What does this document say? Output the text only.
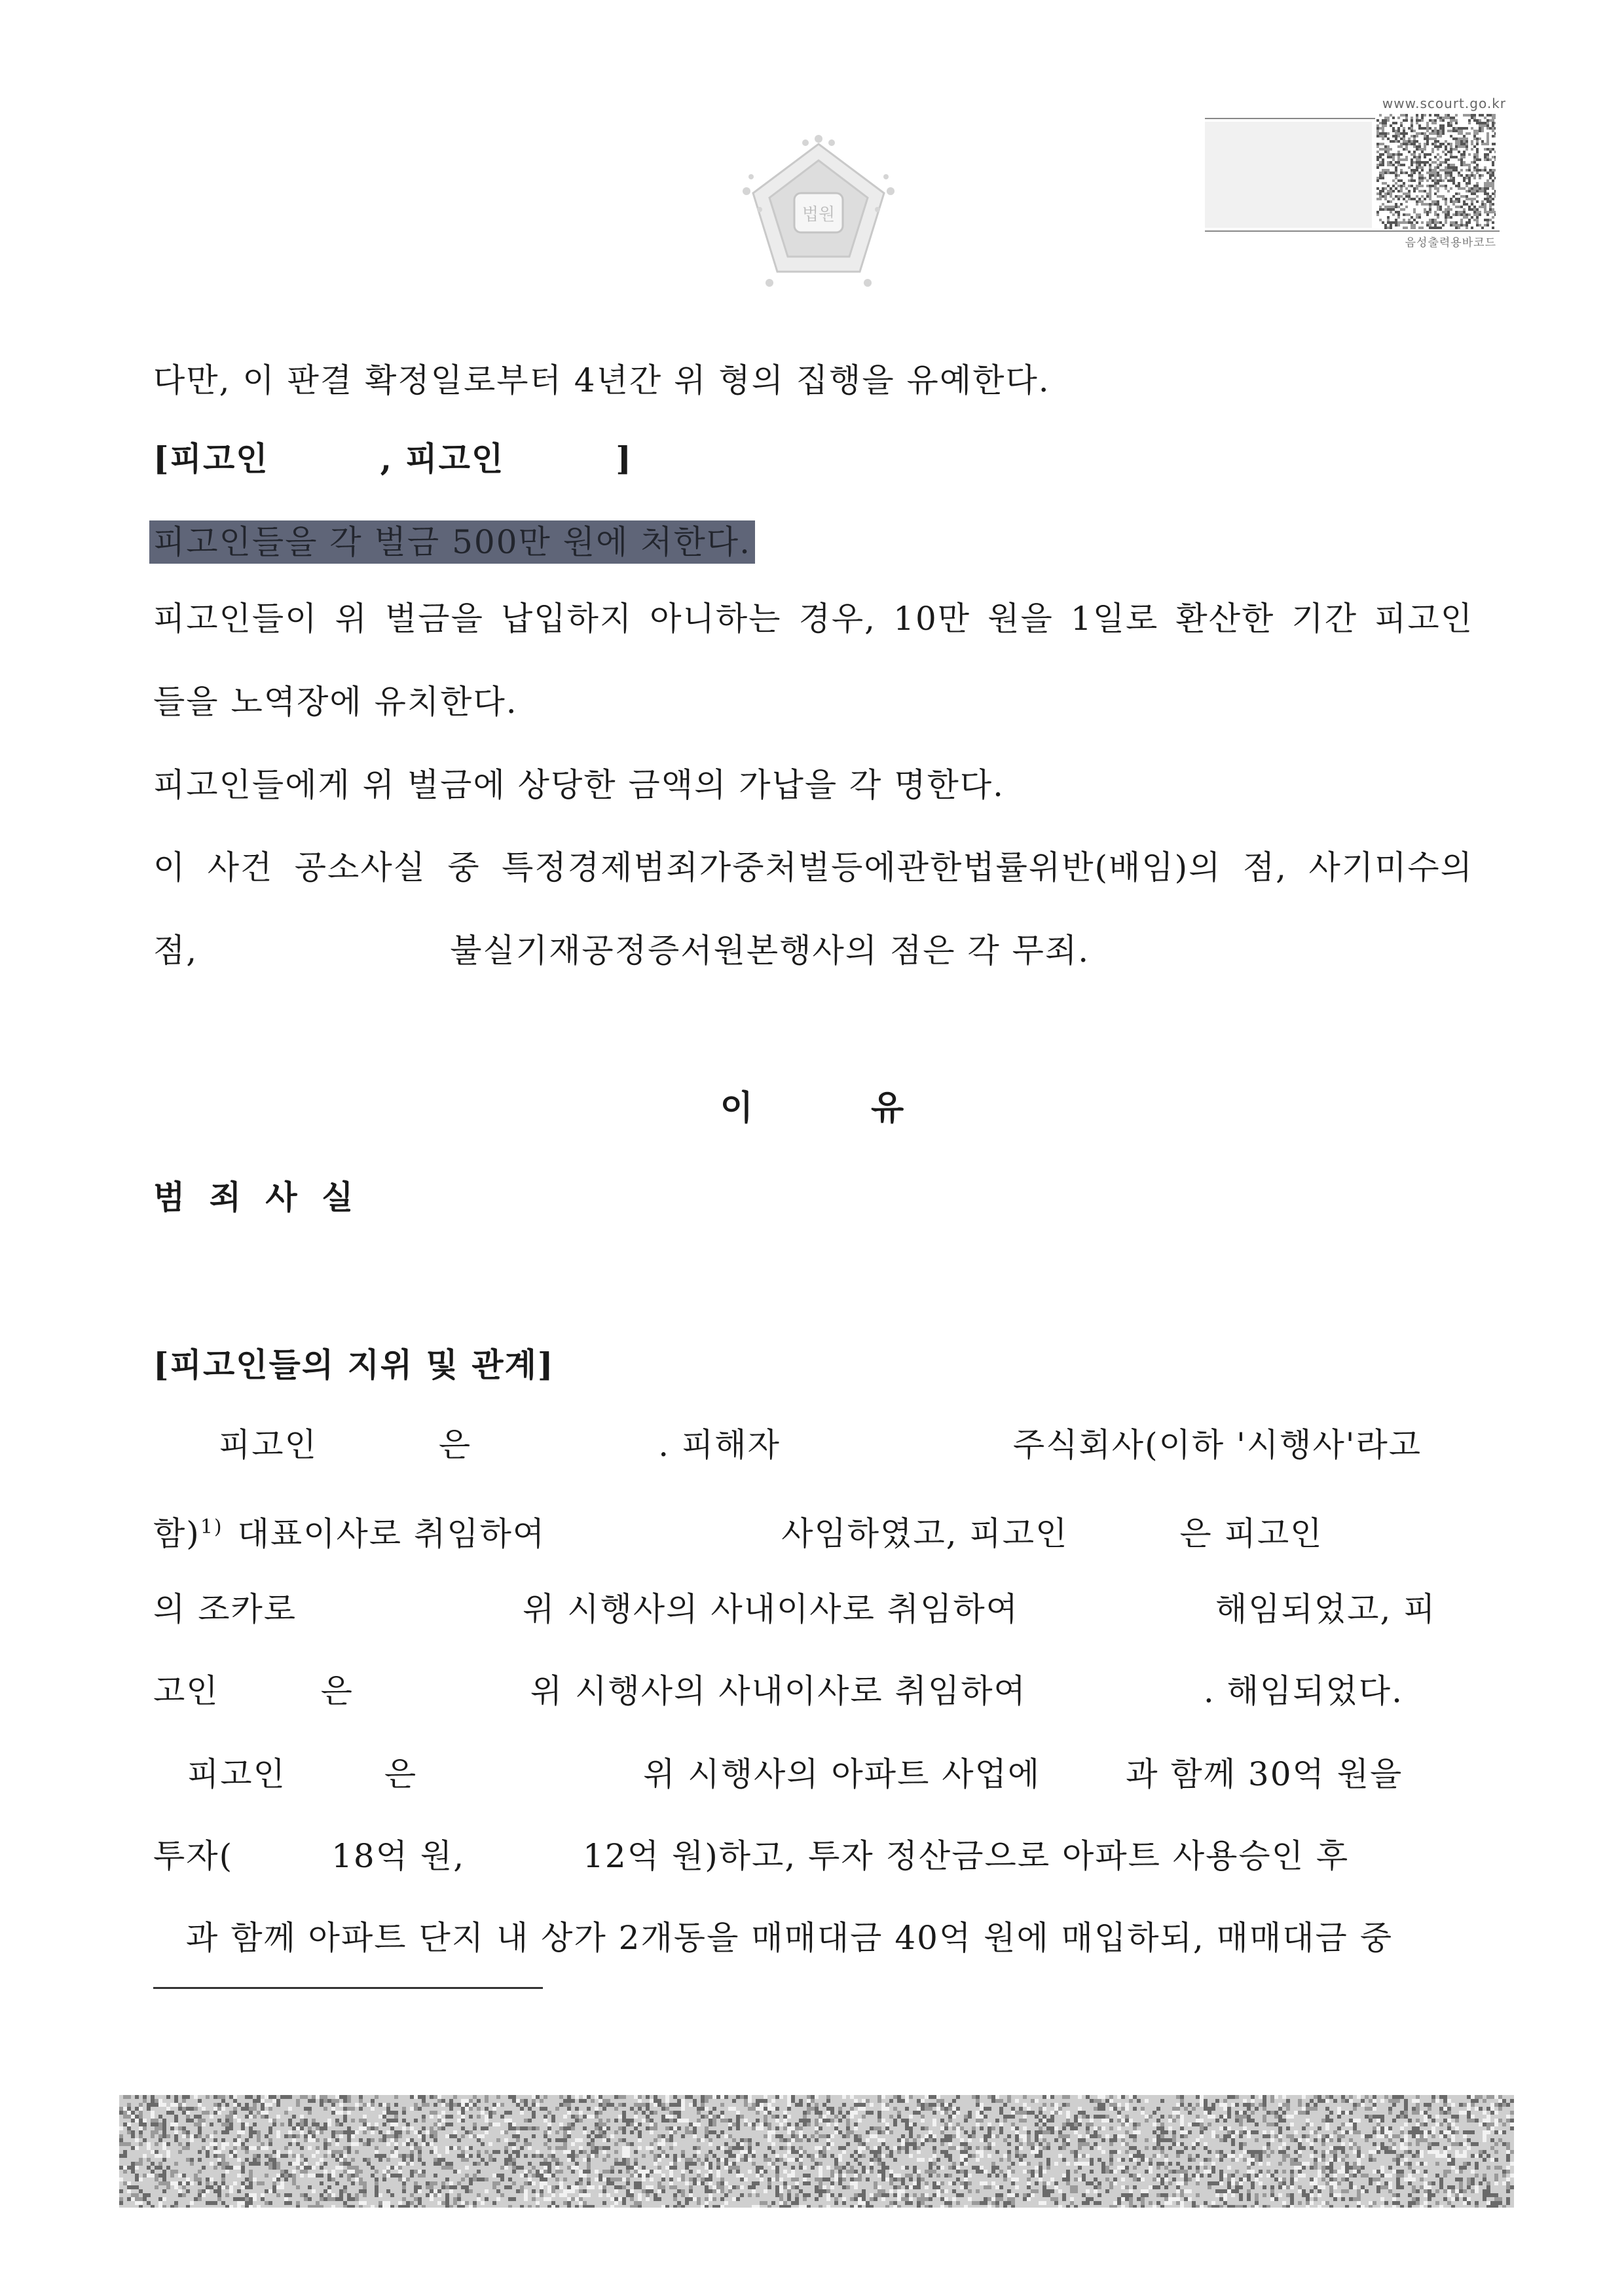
법원
www.scourt.go.kr
음성출력용바코드
다만, 이 판결 확정일로부터 4년간 위 형의 집행을 유예한다.
[피고인	, 피고인	]
피고인들을 각 벌금 500만 원에 처한다.
피고인들이 위 벌금을 납입하지 아니하는 경우, 10만 원을 1일로 환산한 기간 피고인
들을 노역장에 유치한다.
피고인들에게 위 벌금에 상당한 금액의 가납을 각 명한다.
이 사건 공소사실 중 특정경제범죄가중처벌등에관한법률위반(배임)의 점, 사기미수의
점,	불실기재공정증서원본행사의 점은 각 무죄.
이유
범 죄 사 실
[피고인들의 지위 및 관계]
피고인	은	. 피해자	주식회사(이하 '시행사'라고
함)$^{1)}$ 대표이사로 취임하여	사임하였고, 피고인	은 피고인
의 조카로	위 시행사의 사내이사로 취임하여	해임되었고, 피
고인	은	위 시행사의 사내이사로 취임하여	. 해임되었다.
피고인	은	위 시행사의 아파트 사업에	과 함께 30억 원을
투자(	18억 원,	12억 원)하고, 투자 정산금으로 아파트 사용승인 후
과 함께 아파트 단지 내 상가 2개동을 매매대금 40억 원에 매입하되, 매매대금 중
